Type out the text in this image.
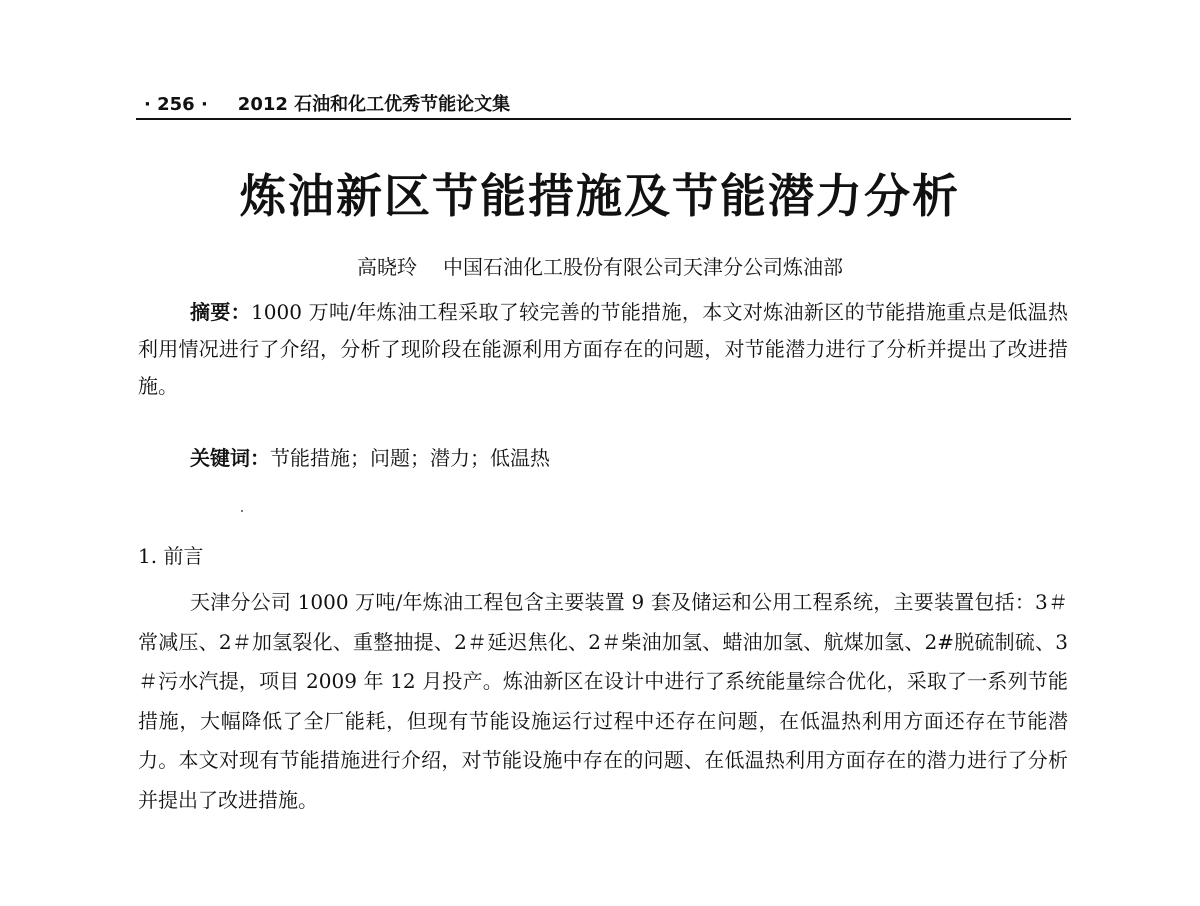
· 256 · 2012 石油和化工优秀节能论文集
炼油新区节能措施及节能潜力分析
高晓玲 中国石油化工股份有限公司天津分公司炼油部
摘要：1000 万吨/年炼油工程采取了较完善的节能措施，本文对炼油新区的节能措施重点是低温热利用情况进行了介绍，分析了现阶段在能源利用方面存在的问题，对节能潜力进行了分析并提出了改进措施。
关键词：节能措施；问题；潜力；低温热
1. 前言
天津分公司 1000 万吨/年炼油工程包含主要装置 9 套及储运和公用工程系统，主要装置包括：3＃常减压、2＃加氢裂化、重整抽提、2＃延迟焦化、2＃柴油加氢、蜡油加氢、航煤加氢、2#脱硫制硫、3＃污水汽提，项目 2009 年 12 月投产。炼油新区在设计中进行了系统能量综合优化，采取了一系列节能措施，大幅降低了全厂能耗，但现有节能设施运行过程中还存在问题，在低温热利用方面还存在节能潜力。本文对现有节能措施进行介绍，对节能设施中存在的问题、在低温热利用方面存在的潜力进行了分析并提出了改进措施。
